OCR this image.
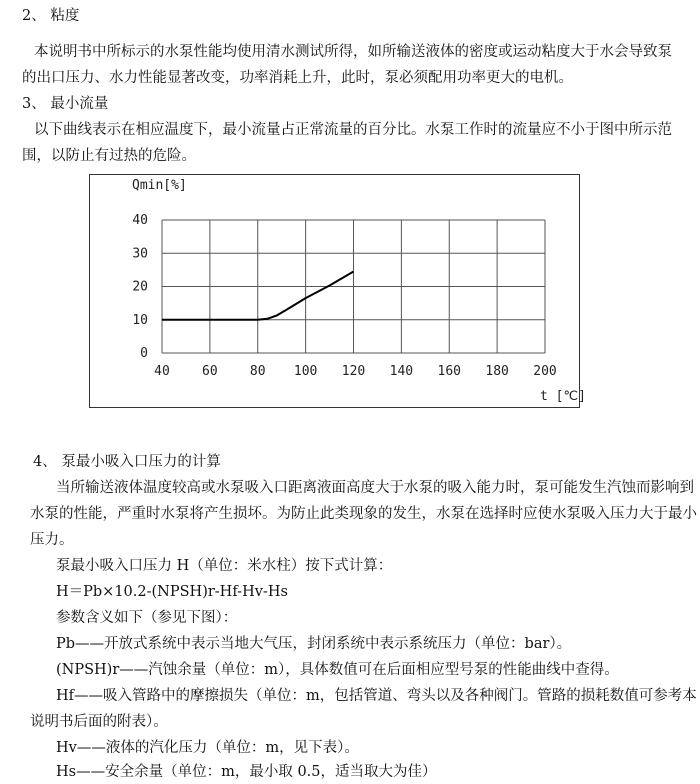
2、 粘度
本说明书中所标示的水泵性能均使用清水测试所得，如所输送液体的密度或运动粘度大于水会导致泵
的出口压力、水力性能显著改变，功率消耗上升，此时，泵必须配用功率更大的电机。
3、 最小流量
以下曲线表示在相应温度下，最小流量占正常流量的百分比。水泵工作时的流量应不小于图中所示范
围，以防止有过热的危险。
40
30
20
10
0
40 60 80 100 120 140 160 180 200
Qmin[%]
t [℃]
4、 泵最小吸入口压力的计算
当所输送液体温度较高或水泵吸入口距离液面高度大于水泵的吸入能力时，泵可能发生汽蚀而影响到
水泵的性能，严重时水泵将产生损坏。为防止此类现象的发生，水泵在选择时应使水泵吸入压力大于最小
压力。
泵最小吸入口压力 H（单位：米水柱）按下式计算：
H＝Pb×10.2-(NPSH)r-Hf-Hv-Hs
参数含义如下（参见下图）：
Pb——开放式系统中表示当地大气压，封闭系统中表示系统压力（单位：bar）。
(NPSH)r——汽蚀余量（单位：m），具体数值可在后面相应型号泵的性能曲线中查得。
Hf——吸入管路中的摩擦损失（单位：m，包括管道、弯头以及各种阀门。管路的损耗数值可参考本
说明书后面的附表）。
Hv——液体的汽化压力（单位：m，见下表）。
Hs——安全余量（单位：m，最小取 0.5，适当取大为佳）
